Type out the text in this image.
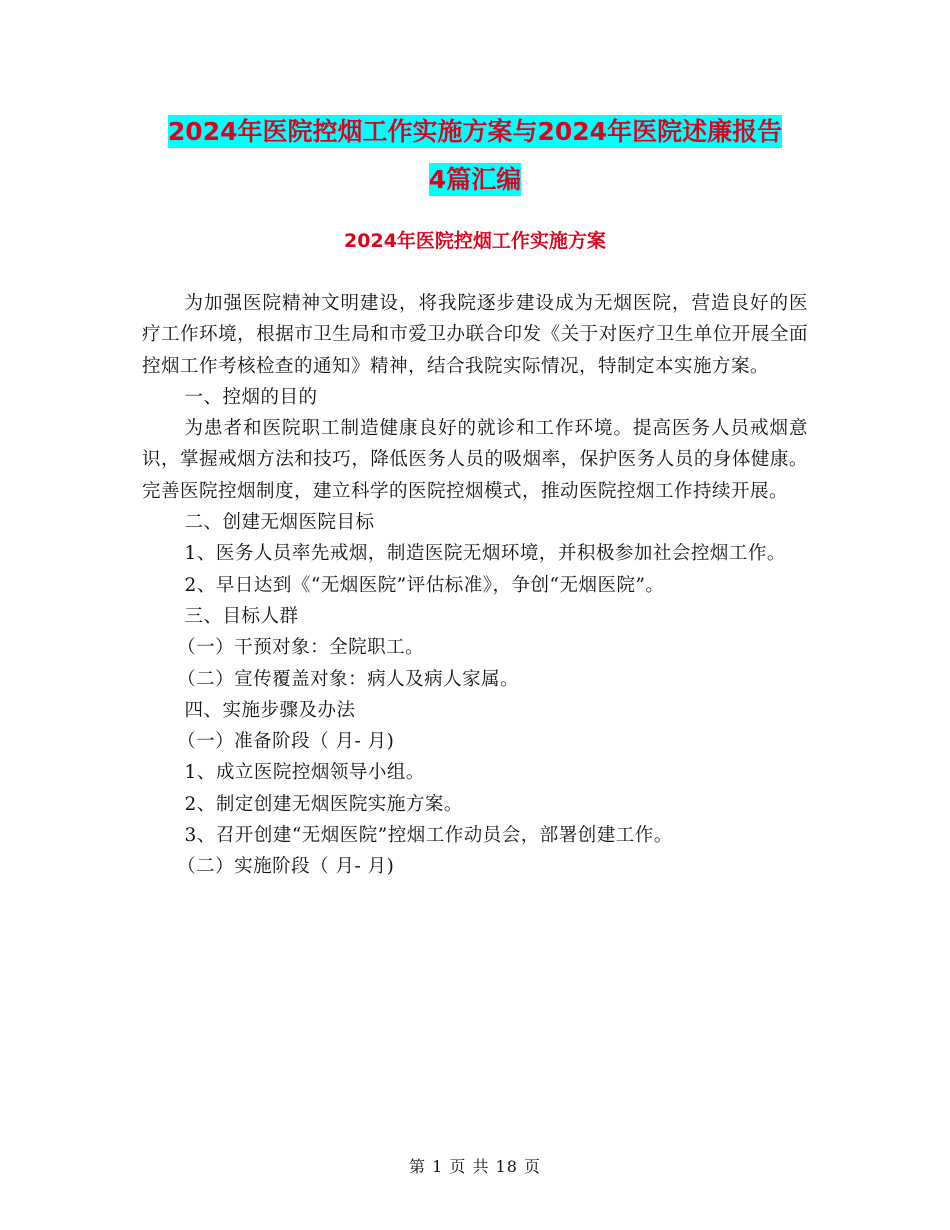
2024年医院控烟工作实施方案与2024年医院述廉报告
4篇汇编
2024年医院控烟工作实施方案

为加强医院精神文明建设，将我院逐步建设成为无烟医院，营造良好的医疗工作环境，根据市卫生局和市爱卫办联合印发《关于对医疗卫生单位开展全面控烟工作考核检查的通知》精神，结合我院实际情况，特制定本实施方案。

一、控烟的目的

为患者和医院职工制造健康良好的就诊和工作环境。提高医务人员戒烟意识，掌握戒烟方法和技巧，降低医务人员的吸烟率，保护医务人员的身体健康。完善医院控烟制度，建立科学的医院控烟模式，推动医院控烟工作持续开展。

二、创建无烟医院目标

1、医务人员率先戒烟，制造医院无烟环境，并积极参加社会控烟工作。

2、早日达到《“无烟医院”评估标准》，争创“无烟医院”。

三、目标人群

（一）干预对象：全院职工。

（二）宣传覆盖对象：病人及病人家属。

四、实施步骤及办法

（一）准备阶段（ 月- 月)

1、成立医院控烟领导小组。

2、制定创建无烟医院实施方案。

3、召开创建“无烟医院”控烟工作动员会，部署创建工作。

（二）实施阶段（ 月- 月)

第 1 页 共 18 页
